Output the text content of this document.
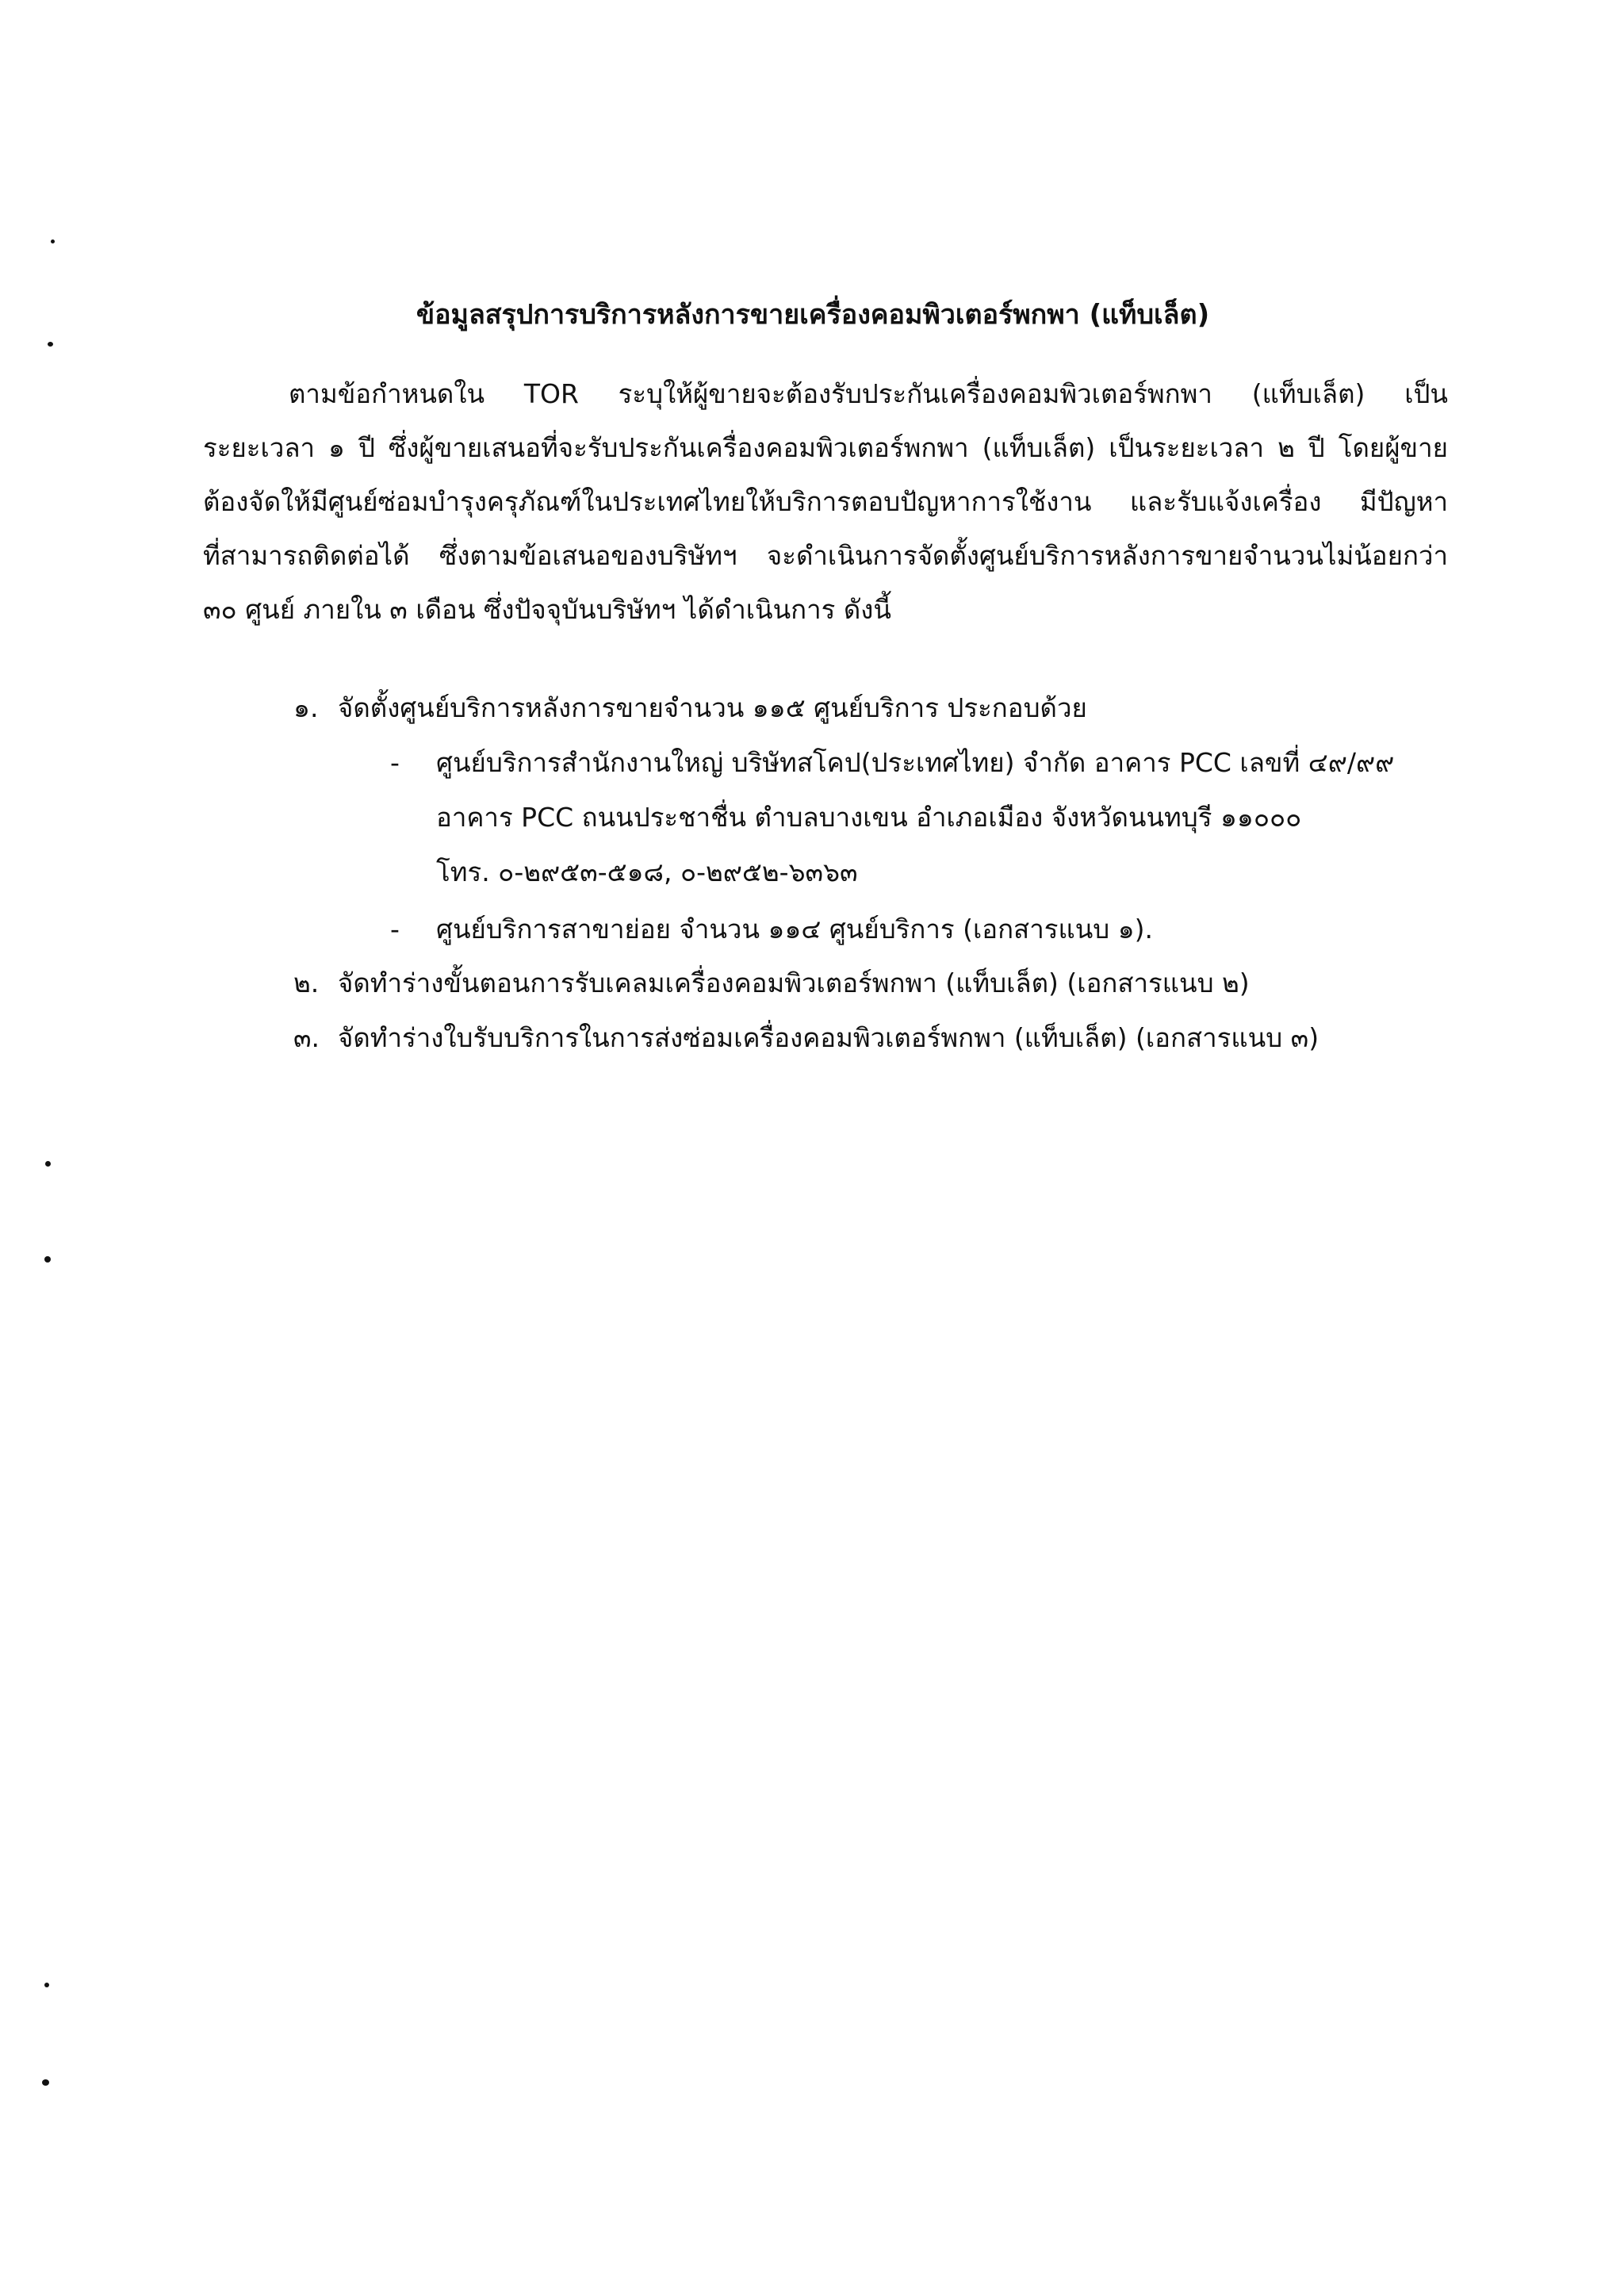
ข้อมูลสรุปการบริการหลังการขายเครื่องคอมพิวเตอร์พกพา (แท็บเล็ต)
ตามข้อกำหนดใน TOR ระบุให้ผู้ขายจะต้องรับประกันเครื่องคอมพิวเตอร์พกพา (แท็บเล็ต) เป็น
ระยะเวลา ๑ ปี ซึ่งผู้ขายเสนอที่จะรับประกันเครื่องคอมพิวเตอร์พกพา (แท็บเล็ต) เป็นระยะเวลา ๒ ปี โดยผู้ขาย
ต้องจัดให้มีศูนย์ซ่อมบำรุงครุภัณฑ์ในประเทศไทยให้บริการตอบปัญหาการใช้งาน และรับแจ้งเครื่อง มีปัญหา
ที่สามารถติดต่อได้ ซึ่งตามข้อเสนอของบริษัทฯ จะดำเนินการจัดตั้งศูนย์บริการหลังการขายจำนวนไม่น้อยกว่า
๓๐ ศูนย์ ภายใน ๓ เดือน ซึ่งปัจจุบันบริษัทฯ ได้ดำเนินการ ดังนี้
๑. จัดตั้งศูนย์บริการหลังการขายจำนวน ๑๑๕ ศูนย์บริการ ประกอบด้วย
- ศูนย์บริการสำนักงานใหญ่ บริษัทสโคป(ประเทศไทย) จำกัด อาคาร PCC เลขที่ ๔๙/๙๙
อาคาร PCC ถนนประชาชื่น ตำบลบางเขน อำเภอเมือง จังหวัดนนทบุรี ๑๑๐๐๐
โทร. ๐-๒๙๕๓-๕๑๘, ๐-๒๙๕๒-๖๓๖๓
- ศูนย์บริการสาขาย่อย จำนวน ๑๑๔ ศูนย์บริการ (เอกสารแนบ ๑).
๒. จัดทำร่างขั้นตอนการรับเคลมเครื่องคอมพิวเตอร์พกพา (แท็บเล็ต) (เอกสารแนบ ๒)
๓. จัดทำร่างใบรับบริการในการส่งซ่อมเครื่องคอมพิวเตอร์พกพา (แท็บเล็ต) (เอกสารแนบ ๓)
